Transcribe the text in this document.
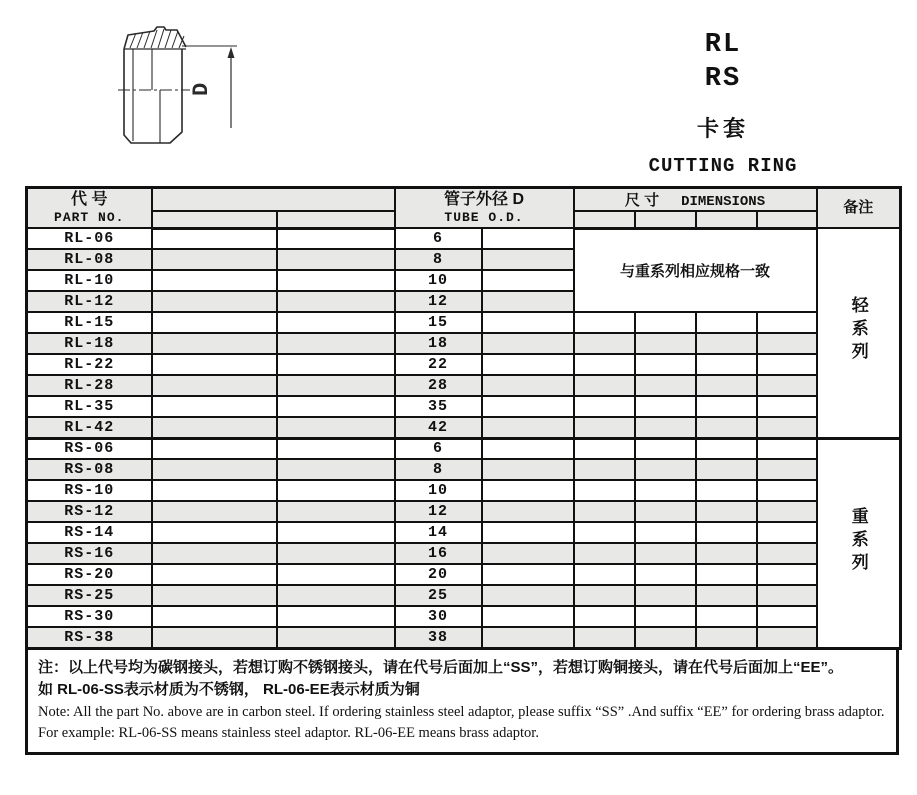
D
RL
RS
卡套
CUTTING RING
代 号
PART NO.

管子外径 D
TUBE O.D.
	尺 寸 DIMENSIONS	备注

RL-06			6		与重系列相应规格一致				轻系列
RL-08			8						
RL-10			10						
RL-12			12						
RL-15			15						
RL-18			18						
RL-22			22						
RL-28			28						
RL-35			35						
RL-42			42						
RS-06			6						重系列
RS-08			8						
RS-10			10						
RS-12			12						
RS-14			14						
RS-16			16						
RS-20			20						
RS-25			25						
RS-30			30						
RS-38			38						
注：以上代号均为碳钢接头，若想订购不锈钢接头，请在代号后面加上“SS”，若想订购铜接头，请在代号后面加上“EE”。
如 RL-06-SS表示材质为不锈钢， RL-06-EE表示材质为铜
Note: All the part No. above are in carbon steel. If ordering stainless steel adaptor, please suffix “SS” .And suffix “EE” for ordering brass adaptor. For example: RL-06-SS means stainless steel adaptor. RL-06-EE means brass adaptor.
